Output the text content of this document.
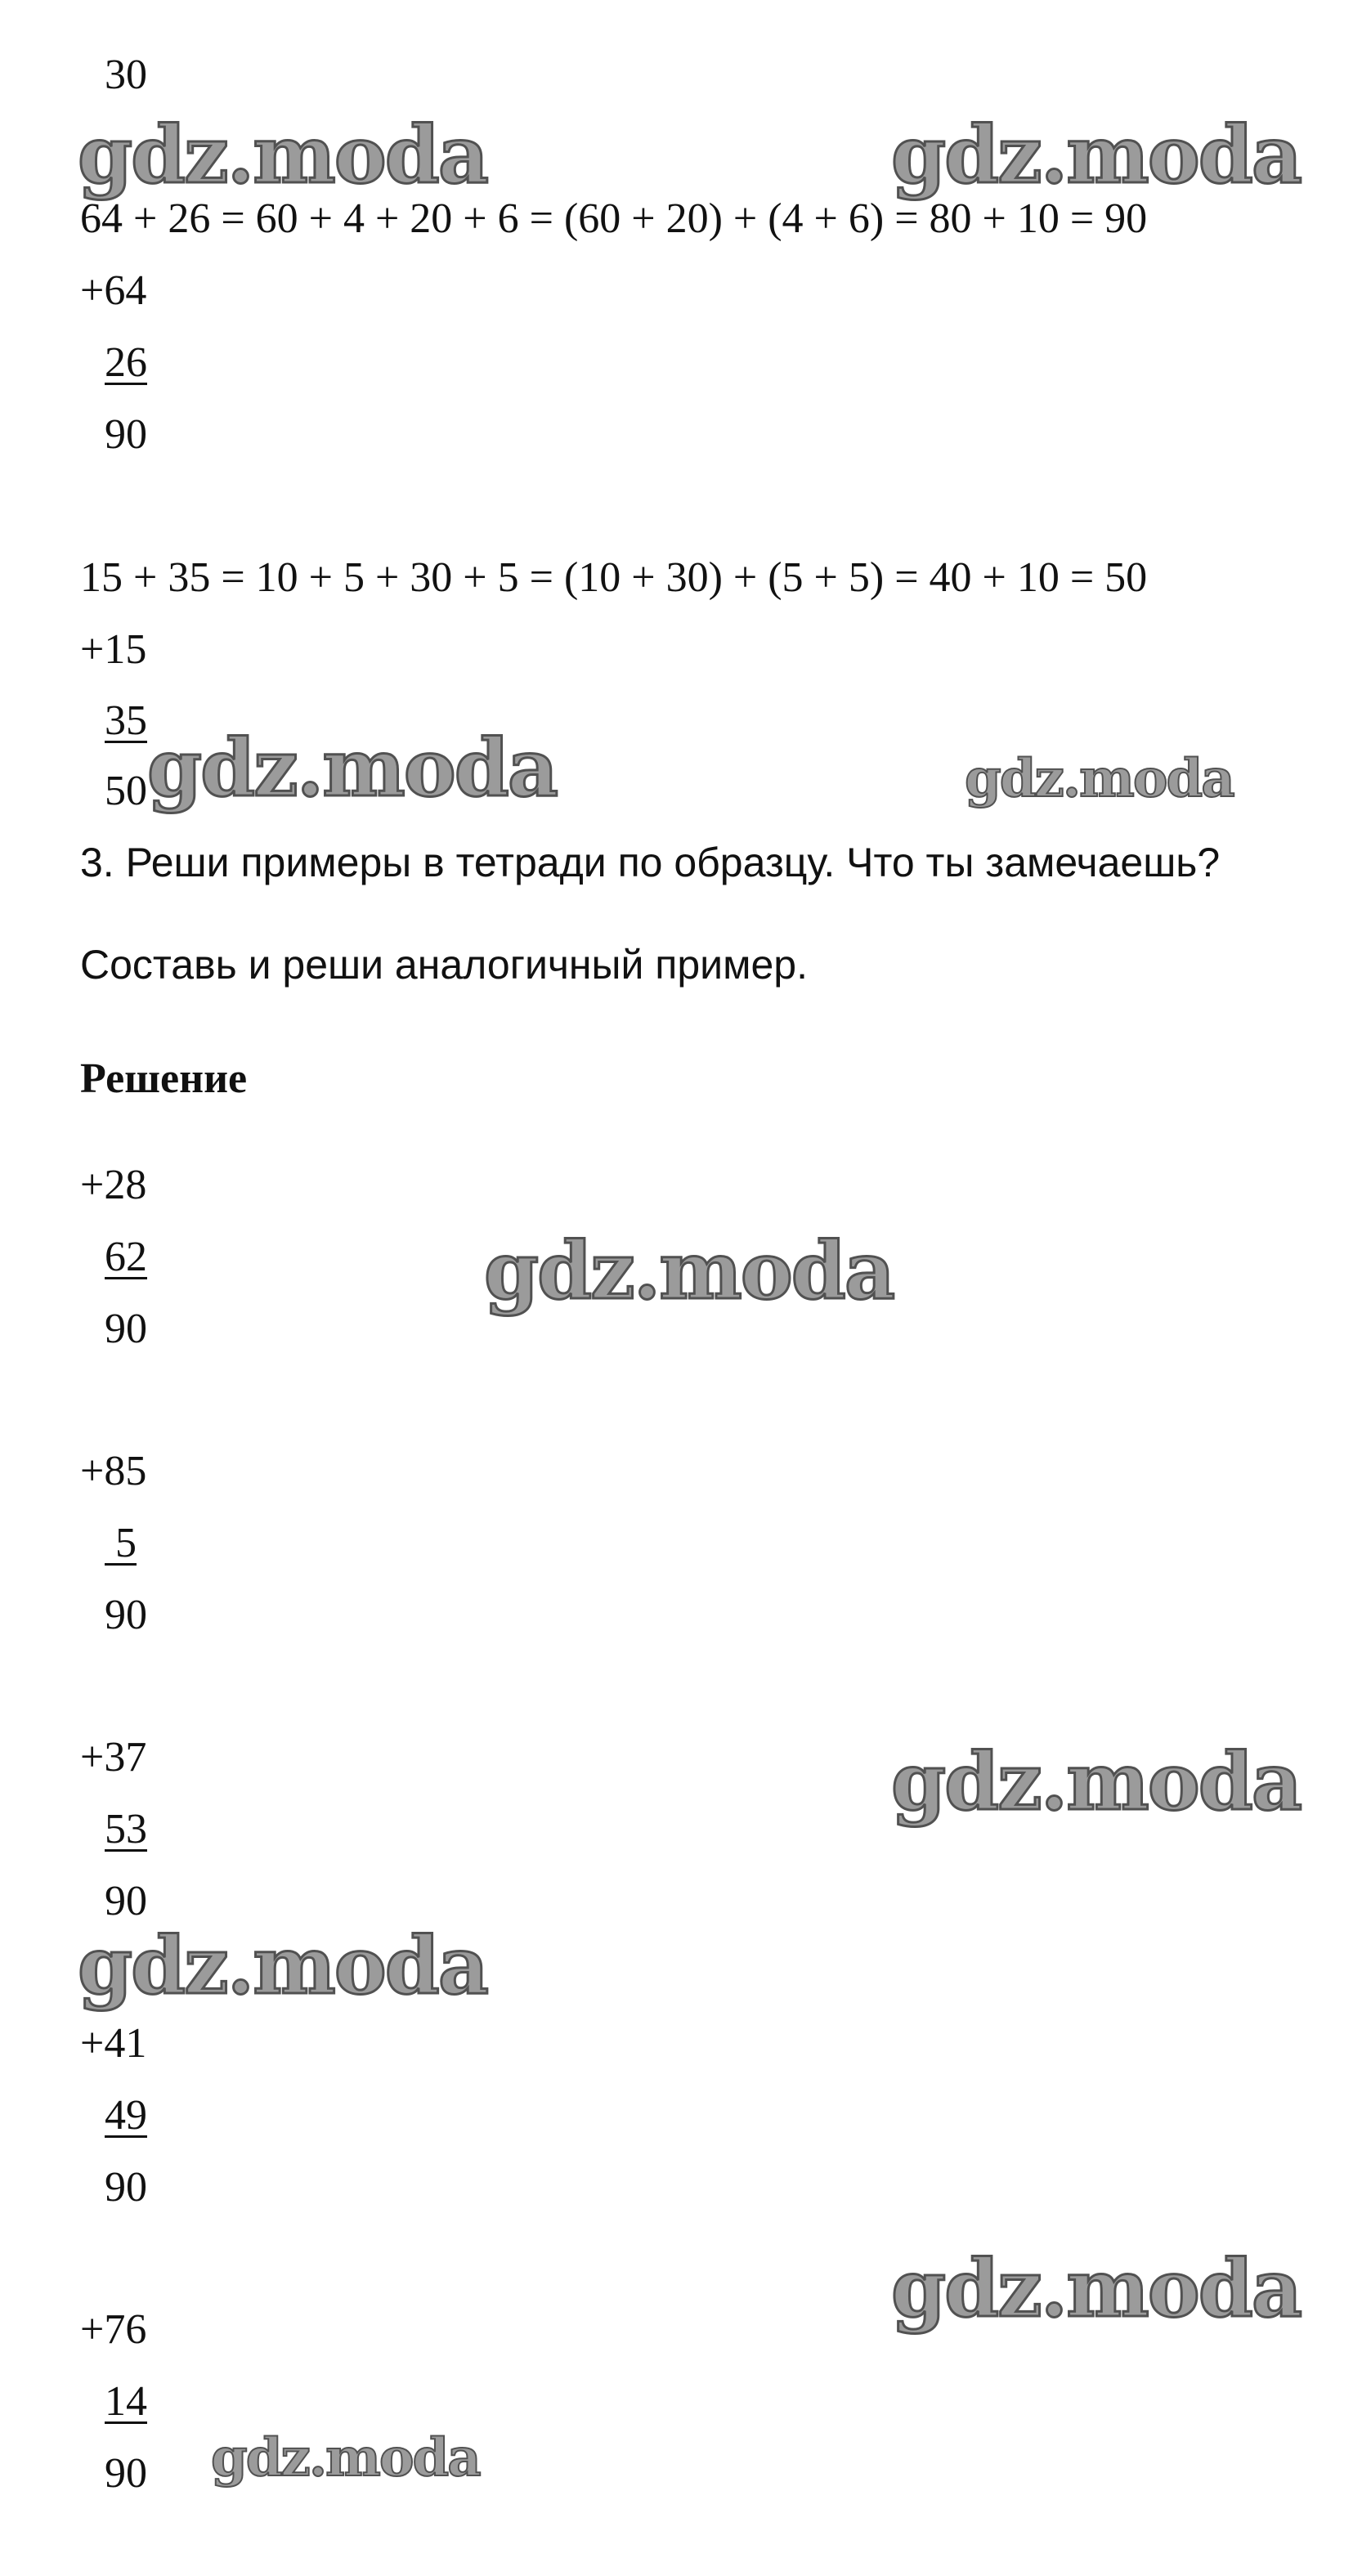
30
64 + 26 = 60 + 4 + 20 + 6 = (60 + 20) + (4 + 6) = 80 + 10 = 90
+64
26
90
15 + 35 = 10 + 5 + 30 + 5 = (10 + 30) + (5 + 5) = 40 + 10 = 50
+15
35
50
3. Реши примеры в тетради по образцу. Что ты замечаешь?
Составь и реши аналогичный пример.
Решение
+28
62
90
+85
5
90
+37
53
90
+41
49
90
+76
14
90
gdz.moda	gdz.moda
gdz.moda	gdz.moda
gdz.moda
gdz.moda
gdz.moda
gdz.moda
gdz.moda
